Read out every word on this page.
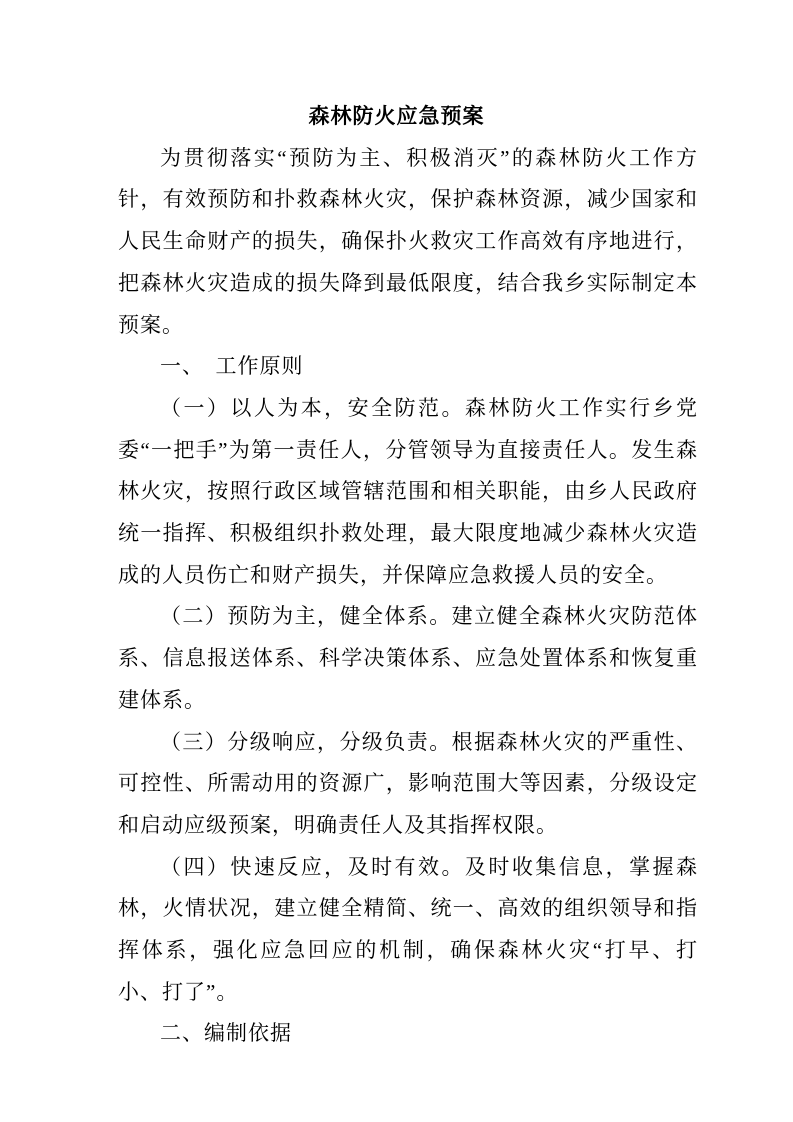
森林防火应急预案

为贯彻落实“预防为主、积极消灭”的森林防火工作方针，有效预防和扑救森林火灾，保护森林资源，减少国家和人民生命财产的损失，确保扑火救灾工作高效有序地进行，把森林火灾造成的损失降到最低限度，结合我乡实际制定本预案。

一、　工作原则

（一）以人为本，安全防范。森林防火工作实行乡党委“一把手”为第一责任人，分管领导为直接责任人。发生森林火灾，按照行政区域管辖范围和相关职能，由乡人民政府统一指挥、积极组织扑救处理，最大限度地减少森林火灾造成的人员伤亡和财产损失，并保障应急救援人员的安全。

（二）预防为主，健全体系。建立健全森林火灾防范体系、信息报送体系、科学决策体系、应急处置体系和恢复重建体系。

（三）分级响应，分级负责。根据森林火灾的严重性、可控性、所需动用的资源广，影响范围大等因素，分级设定和启动应级预案，明确责任人及其指挥权限。

（四）快速反应，及时有效。及时收集信息，掌握森林，火情状况，建立健全精简、统一、高效的组织领导和指挥体系，强化应急回应的机制，确保森林火灾“打早、打小、打了”。

二、编制依据
